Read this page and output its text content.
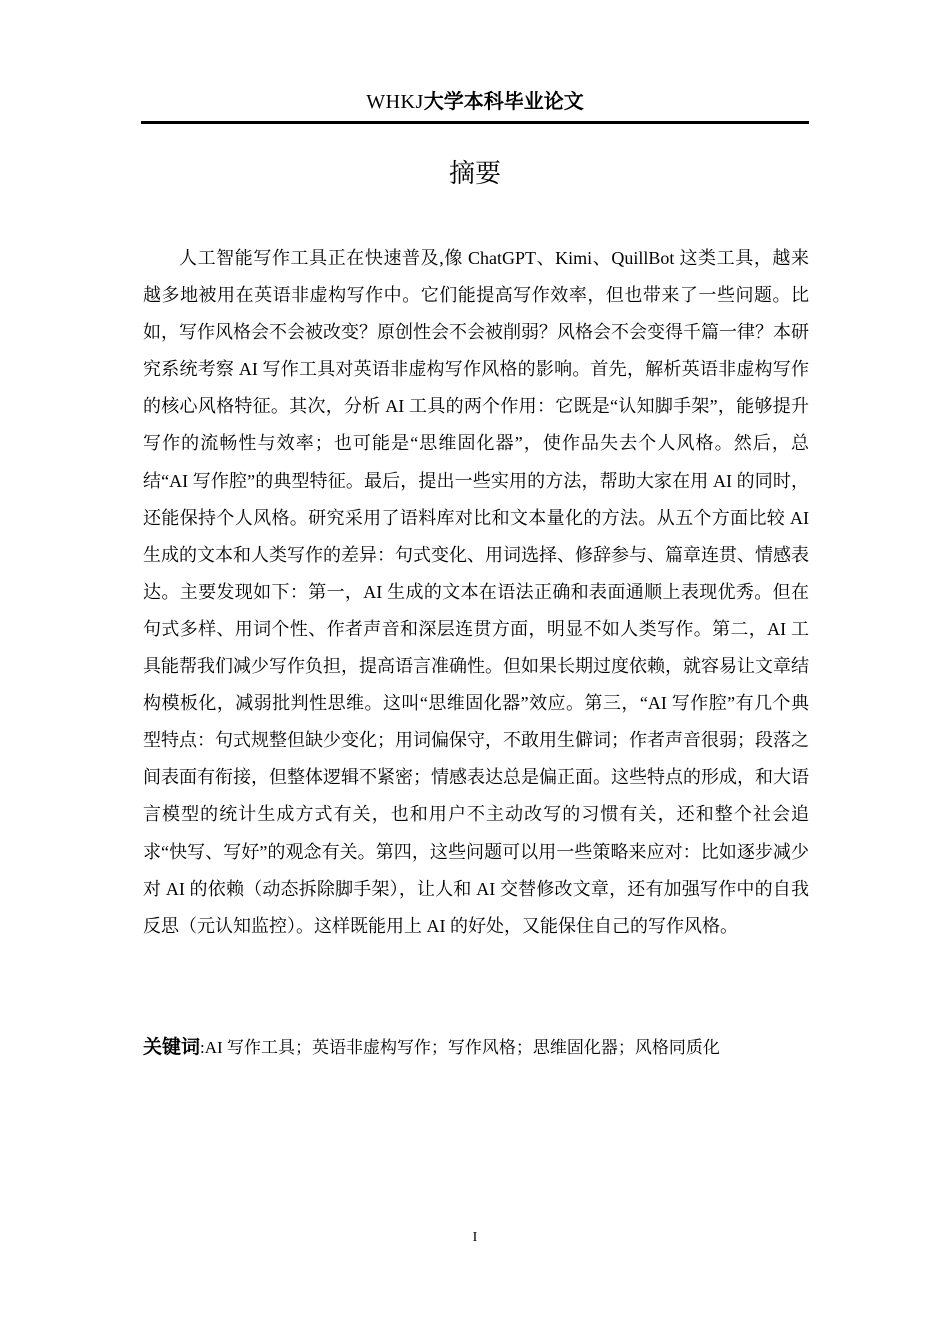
WHKJ大学本科毕业论文
摘要

人工智能写作工具正在快速普及,像 ChatGPT、Kimi、QuillBot 这类工具，越来越多地被用在英语非虚构写作中。它们能提高写作效率，但也带来了一些问题。比如，写作风格会不会被改变？原创性会不会被削弱？风格会不会变得千篇一律？本研究系统考察 AI 写作工具对英语非虚构写作风格的影响。首先，解析英语非虚构写作的核心风格特征。其次，分析 AI 工具的两个作用：它既是“认知脚手架”，能够提升写作的流畅性与效率；也可能是“思维固化器”，使作品失去个人风格。然后，总结“AI 写作腔”的典型特征。最后，提出一些实用的方法，帮助大家在用 AI 的同时，还能保持个人风格。研究采用了语料库对比和文本量化的方法。从五个方面比较 AI 生成的文本和人类写作的差异：句式变化、用词选择、修辞参与、篇章连贯、情感表达。主要发现如下：第一，AI 生成的文本在语法正确和表面通顺上表现优秀。但在句式多样、用词个性、作者声音和深层连贯方面，明显不如人类写作。第二，AI 工具能帮我们减少写作负担，提高语言准确性。但如果长期过度依赖，就容易让文章结构模板化，减弱批判性思维。这叫“思维固化器”效应。第三，“AI 写作腔”有几个典型特点：句式规整但缺少变化；用词偏保守，不敢用生僻词；作者声音很弱；段落之间表面有衔接，但整体逻辑不紧密；情感表达总是偏正面。这些特点的形成，和大语言模型的统计生成方式有关，也和用户不主动改写的习惯有关，还和整个社会追求“快写、写好”的观念有关。第四，这些问题可以用一些策略来应对：比如逐步减少对 AI 的依赖（动态拆除脚手架），让人和 AI 交替修改文章，还有加强写作中的自我反思（元认知监控）。这样既能用上 AI 的好处，又能保住自己的写作风格。

关键词:AI 写作工具；英语非虚构写作；写作风格；思维固化器；风格同质化
I
